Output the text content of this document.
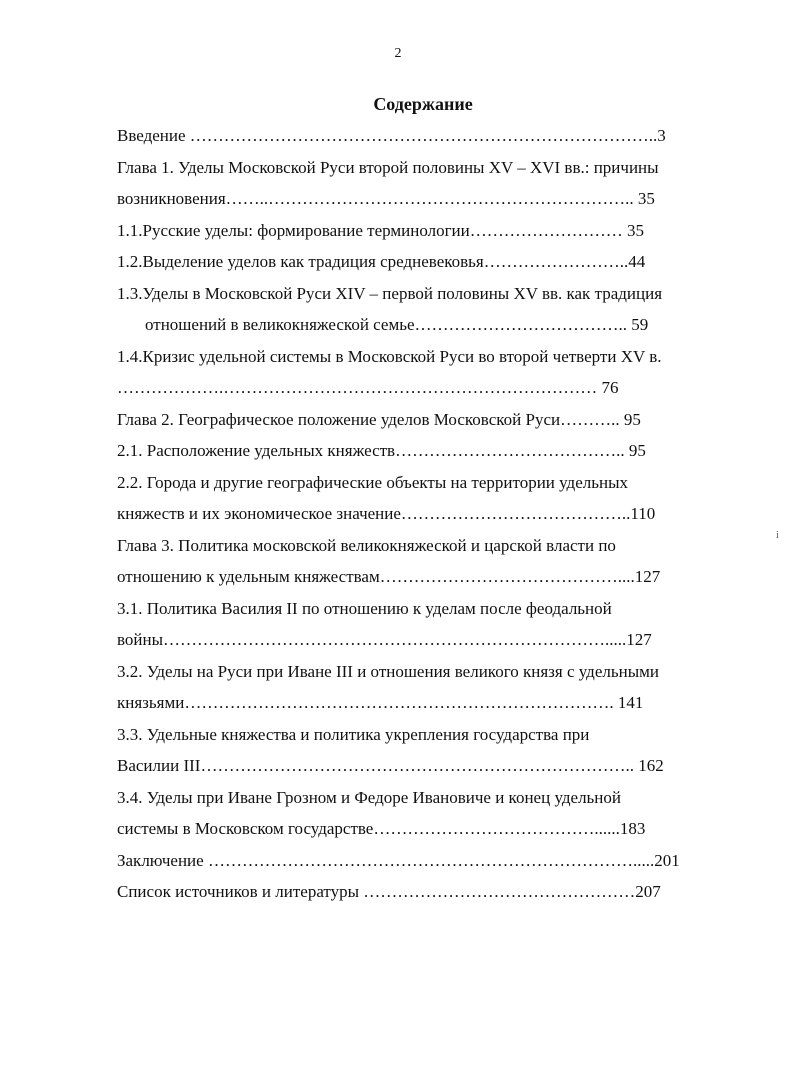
2
Содержание
Введение ………………………………………………………………………..3
Глава 1. Уделы Московской Руси второй половины XV – XVI вв.: причины
возникновения……..……………………………………………………….. 35
1.1.Русские уделы: формирование терминологии……………………… 35
1.2.Выделение уделов как традиция средневековья……………………..44
1.3.Уделы в Московской Руси XIV – первой половины XV вв. как традиция
отношений в великокняжеской семье……………………………….. 59
1.4.Кризис удельной системы в Московской Руси во второй четверти XV в.
……………….………………………………………………………… 76
Глава 2. Географическое положение уделов Московской Руси……….. 95
2.1. Расположение удельных княжеств………………………………….. 95
2.2. Города и другие географические объекты на территории удельных
княжеств и их экономическое значение…………………………………..110
Глава 3. Политика московской великокняжеской и царской власти по
отношению к удельным княжествам……………………………………....127
3.1. Политика Василия II по отношению к уделам после феодальной
войны…………………………………………………………………….....127
3.2. Уделы на Руси при Иване III и отношения великого князя с удельными
князьями…………………………………………………………………. 141
3.3. Удельные княжества и политика укрепления государства при
Василии III………………………………………………………………….. 162
3.4. Уделы при Иване Грозном и Федоре Ивановиче и конец удельной
системы в Московском государстве…………………………………......183
Заключение ………………………………………………………………….....201
Список источников и литературы …………………………………………207
i
